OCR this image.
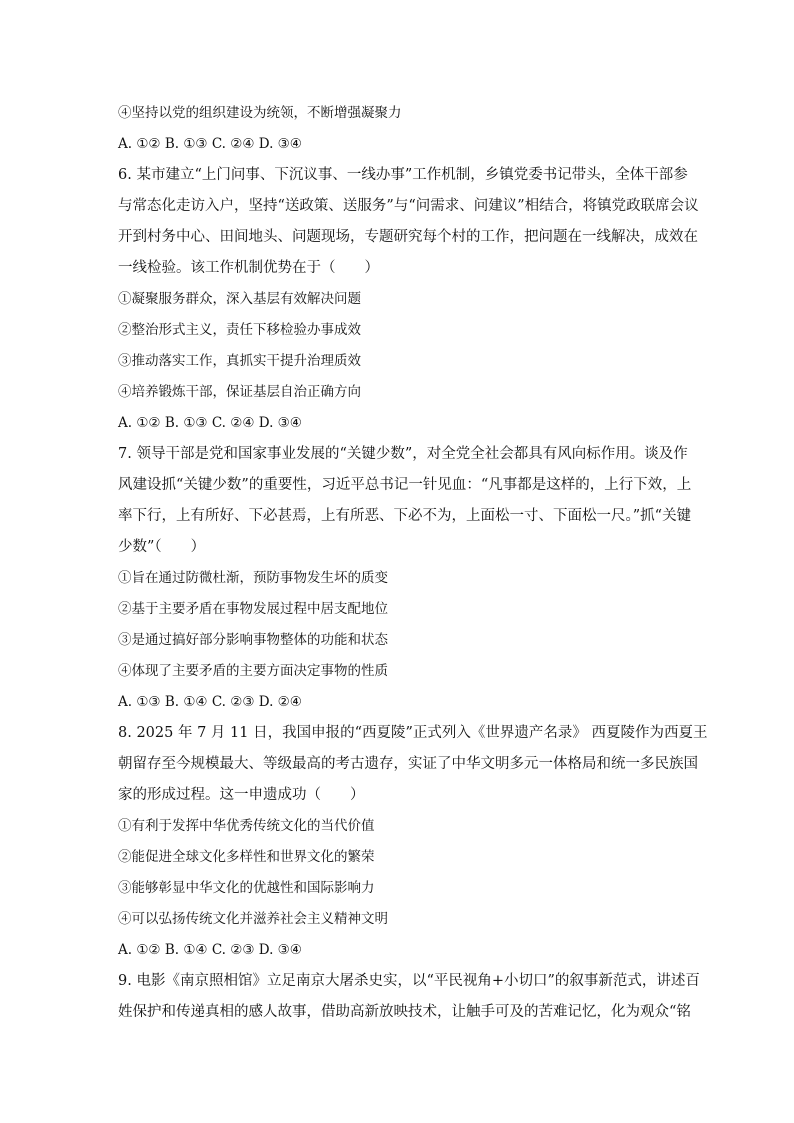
④坚持以党的组织建设为统领，不断增强凝聚力
A. ①② B. ①③ C. ②④ D. ③④
6. 某市建立“上门问事、下沉议事、一线办事”工作机制，乡镇党委书记带头，全体干部参
与常态化走访入户，坚持“送政策、送服务”与“问需求、问建议”相结合，将镇党政联席会议
开到村务中心、田间地头、问题现场，专题研究每个村的工作，把问题在一线解决，成效在
一线检验。该工作机制优势在于（　　）
①凝聚服务群众，深入基层有效解决问题
②整治形式主义，责任下移检验办事成效
③推动落实工作，真抓实干提升治理质效
④培养锻炼干部，保证基层自治正确方向
A. ①② B. ①③ C. ②④ D. ③④
7. 领导干部是党和国家事业发展的“关键少数”，对全党全社会都具有风向标作用。谈及作
风建设抓“关键少数”的重要性，习近平总书记一针见血：“凡事都是这样的，上行下效，上
率下行，上有所好、下必甚焉，上有所恶、下必不为，上面松一寸、下面松一尺。”抓“关键
少数”（　　）
①旨在通过防微杜渐，预防事物发生坏的质变
②基于主要矛盾在事物发展过程中居支配地位
③是通过搞好部分影响事物整体的功能和状态
④体现了主要矛盾的主要方面决定事物的性质
A. ①③ B. ①④ C. ②③ D. ②④
8. 2025 年 7 月 11 日，我国申报的“西夏陵”正式列入《世界遗产名录》 西夏陵作为西夏王
朝留存至今规模最大、等级最高的考古遗存，实证了中华文明多元一体格局和统一多民族国
家的形成过程。这一申遗成功（　　）
①有利于发挥中华优秀传统文化的当代价值
②能促进全球文化多样性和世界文化的繁荣
③能够彰显中华文化的优越性和国际影响力
④可以弘扬传统文化并滋养社会主义精神文明
A. ①② B. ①④ C. ②③ D. ③④
9. 电影《南京照相馆》立足南京大屠杀史实，以“平民视角+小切口”的叙事新范式，讲述百
姓保护和传递真相的感人故事，借助高新放映技术，让触手可及的苦难记忆，化为观众“铭
